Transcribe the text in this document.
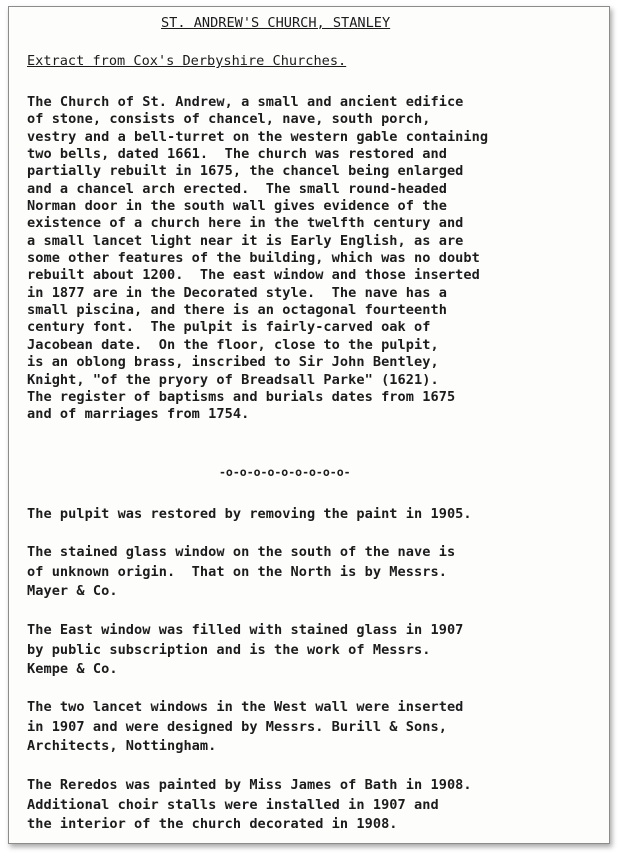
ST. ANDREW'S CHURCH, STANLEY
Extract from Cox's Derbyshire Churches.
The Church of St. Andrew, a small and ancient edifice
of stone, consists of chancel, nave, south porch,
vestry and a bell-turret on the western gable containing
two bells, dated 1661.  The church was restored and
partially rebuilt in 1675, the chancel being enlarged
and a chancel arch erected.  The small round-headed
Norman door in the south wall gives evidence of the
existence of a church here in the twelfth century and
a small lancet light near it is Early English, as are
some other features of the building, which was no doubt
rebuilt about 1200.  The east window and those inserted
in 1877 are in the Decorated style.  The nave has a
small piscina, and there is an octagonal fourteenth
century font.  The pulpit is fairly-carved oak of
Jacobean date.  On the floor, close to the pulpit,
is an oblong brass, inscribed to Sir John Bentley,
Knight, "of the pryory of Breadsall Parke" (1621).
The register of baptisms and burials dates from 1675
and of marriages from 1754.
-o-o-o-o-o-o-o-o-o-
The pulpit was restored by removing the paint in 1905.
The stained glass window on the south of the nave is
of unknown origin.  That on the North is by Messrs.
Mayer & Co.
The East window was filled with stained glass in 1907
by public subscription and is the work of Messrs.
Kempe & Co.
The two lancet windows in the West wall were inserted
in 1907 and were designed by Messrs. Burill & Sons,
Architects, Nottingham.
The Reredos was painted by Miss James of Bath in 1908.
Additional choir stalls were installed in 1907 and
the interior of the church decorated in 1908.
